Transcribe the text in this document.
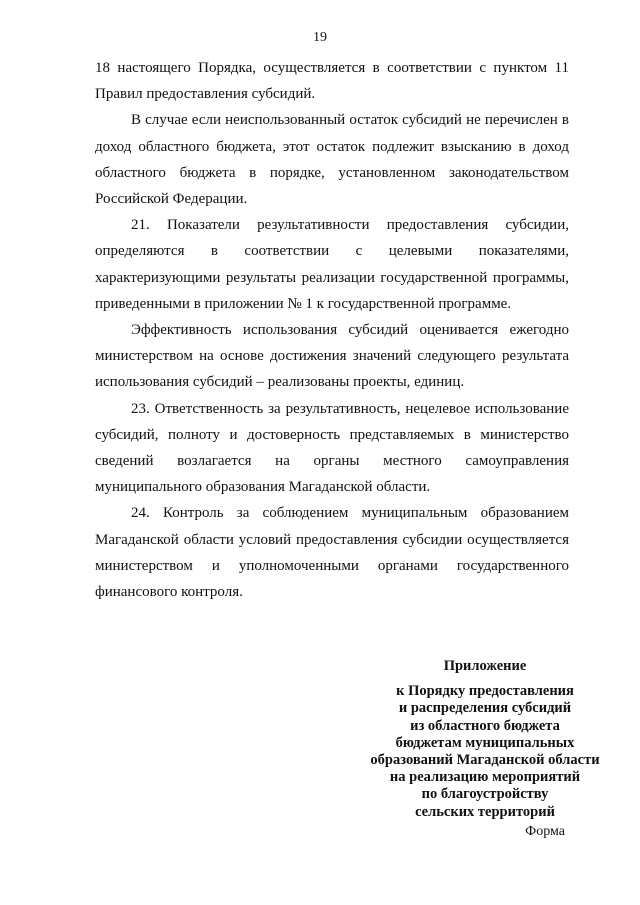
19

18 настоящего Порядка, осуществляется в соответствии с пунктом 11 Правил предоставления субсидий.

В случае если неиспользованный остаток субсидий не перечислен в доход областного бюджета, этот остаток подлежит взысканию в доход областного бюджета в порядке, установленном законодательством Российской Федерации.

21. Показатели результативности предоставления субсидии, определяются в соответствии с целевыми показателями, характеризующими результаты реализации государственной программы, приведенными в приложении № 1 к государственной программе.

Эффективность использования субсидий оценивается ежегодно министерством на основе достижения значений следующего результата использования субсидий – реализованы проекты, единиц.

23. Ответственность за результативность, нецелевое использование субсидий, полноту и достоверность представляемых в министерство сведений возлагается на органы местного самоуправления муниципального образования Магаданской области.

24. Контроль за соблюдением муниципальным образованием Магаданской области условий предоставления субсидии осуществляется министерством и уполномоченными органами государственного финансового контроля.

Приложение
к Порядку предоставления
и распределения субсидий
из областного бюджета
бюджетам муниципальных
образований Магаданской области
на реализацию мероприятий
по благоустройству
сельских территорий
Форма
